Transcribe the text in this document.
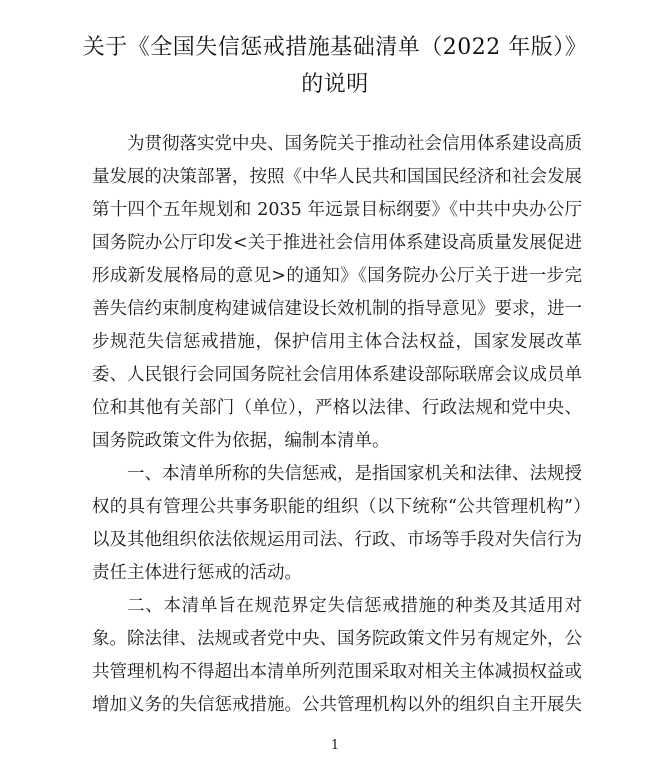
关于《全国失信惩戒措施基础清单（2022 年版）》
的说明

为贯彻落实党中央、国务院关于推动社会信用体系建设高质量发展的决策部署，按照《中华人民共和国国民经济和社会发展第十四个五年规划和 2035 年远景目标纲要》《中共中央办公厅国务院办公厅印发<关于推进社会信用体系建设高质量发展促进形成新发展格局的意见>的通知》《国务院办公厅关于进一步完善失信约束制度构建诚信建设长效机制的指导意见》要求，进一步规范失信惩戒措施，保护信用主体合法权益，国家发展改革委、人民银行会同国务院社会信用体系建设部际联席会议成员单位和其他有关部门（单位），严格以法律、行政法规和党中央、国务院政策文件为依据，编制本清单。

一、本清单所称的失信惩戒，是指国家机关和法律、法规授权的具有管理公共事务职能的组织（以下统称“公共管理机构”）以及其他组织依法依规运用司法、行政、市场等手段对失信行为责任主体进行惩戒的活动。

二、本清单旨在规范界定失信惩戒措施的种类及其适用对象。除法律、法规或者党中央、国务院政策文件另有规定外，公共管理机构不得超出本清单所列范围采取对相关主体减损权益或增加义务的失信惩戒措施。公共管理机构以外的组织自主开展失

1
